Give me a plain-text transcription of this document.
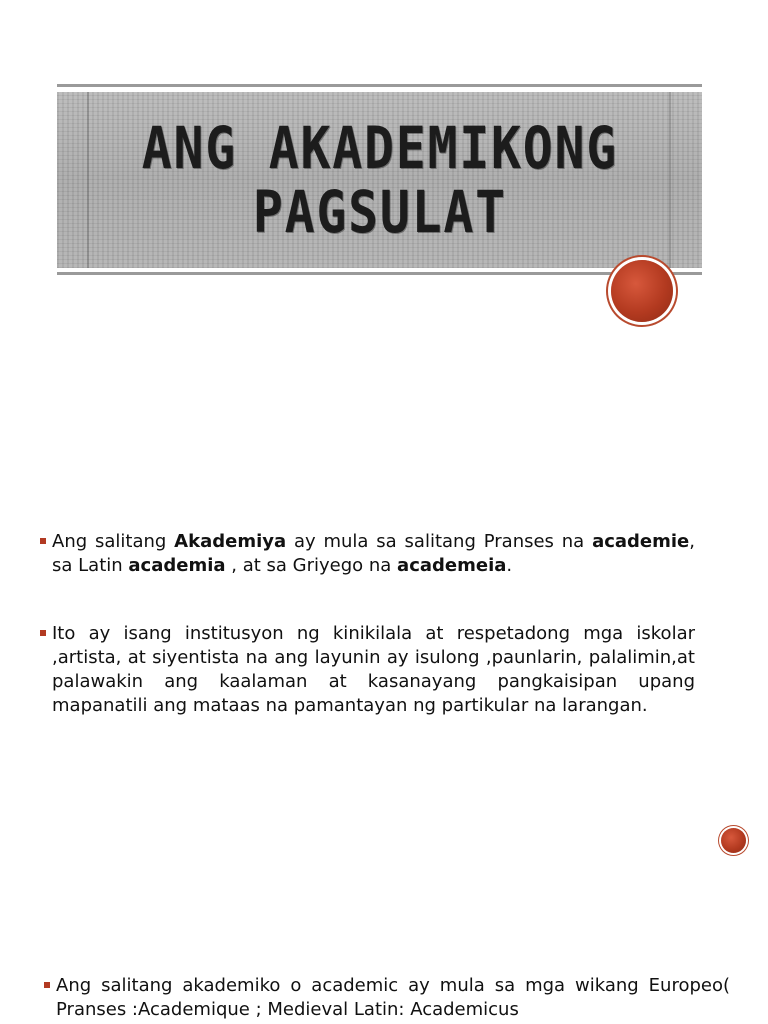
ANG AKADEMIKONG
PAGSULAT

Ang salitang Akademiya ay mula sa salitang Pranses na academie, sa Latin academia , at sa Griyego na academeia.

Ito ay isang institusyon ng kinikilala at respetadong mga iskolar ,artista, at siyentista na ang layunin ay isulong ,paunlarin, palalimin,at palawakin ang kaalaman at kasanayang pangkaisipan upang mapanatili ang mataas na pamantayan ng partikular na larangan.

Ang salitang akademiko o academic ay mula sa mga wikang Europeo( Pranses :Academique ; Medieval Latin: Academicus
